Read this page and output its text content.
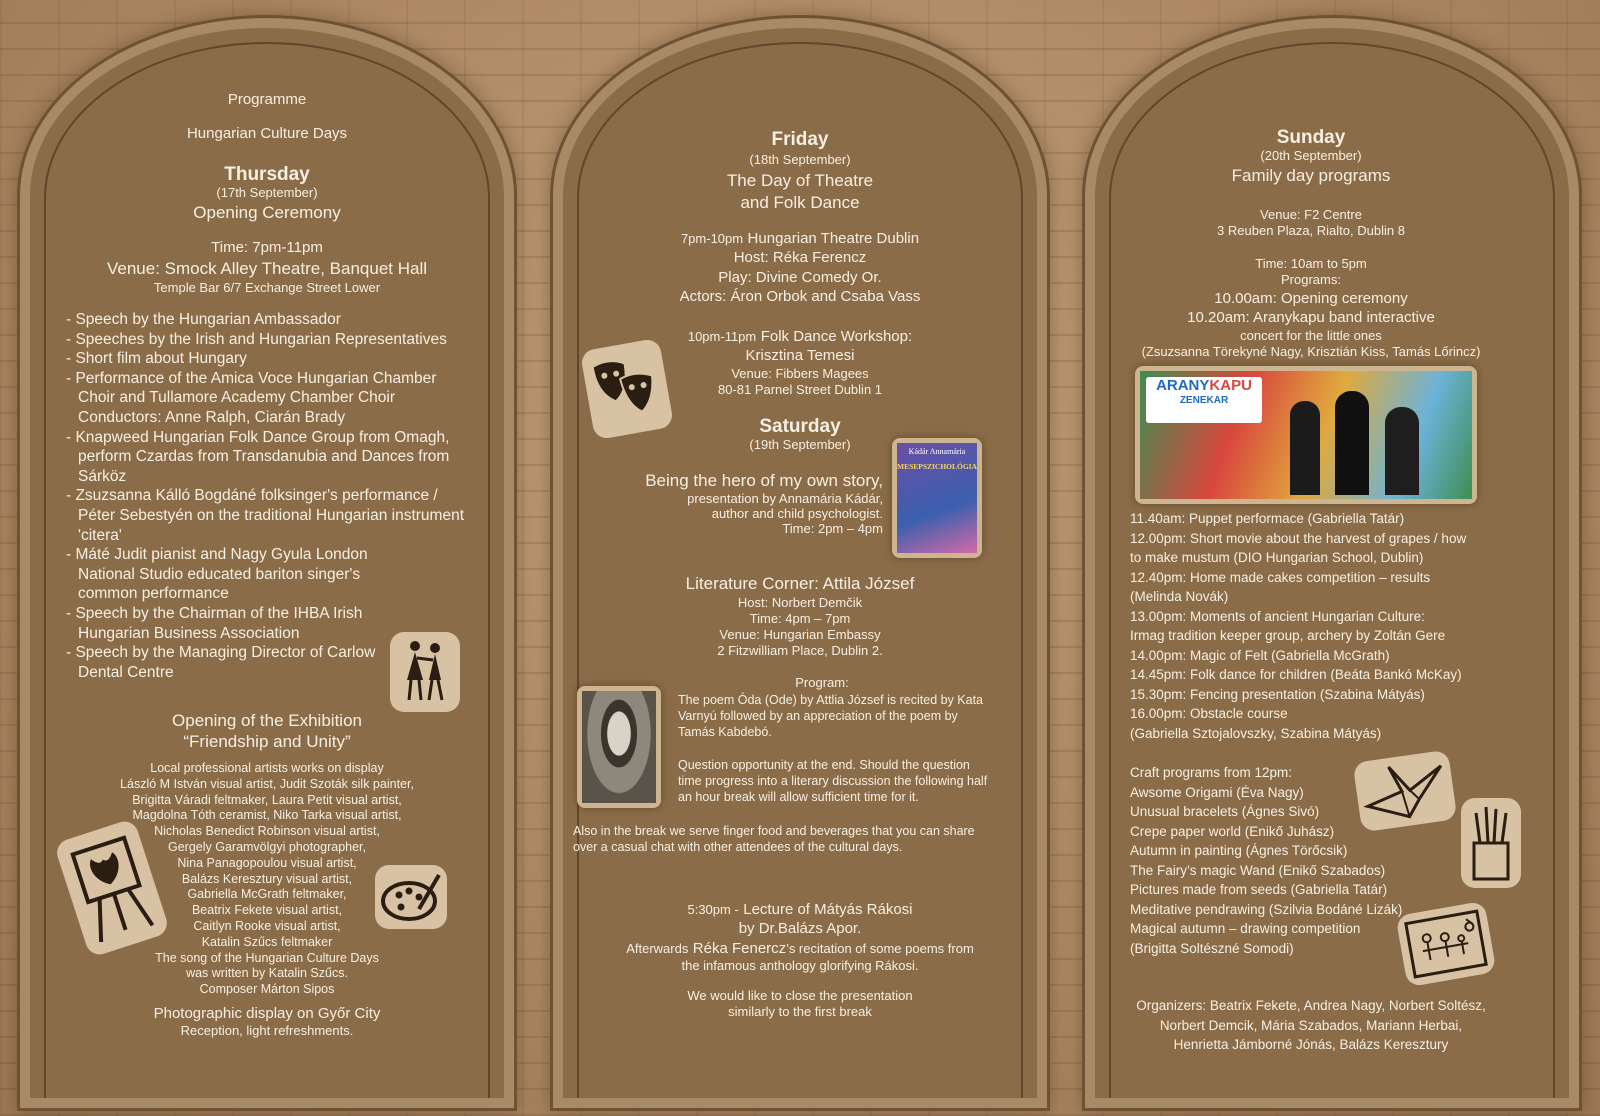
Programme
Hungarian Culture Days
Thursday
(17th September)
Opening Ceremony
Time: 7pm-11pm
Venue: Smock Alley Theatre, Banquet Hall
Temple Bar 6/7 Exchange Street Lower
- Speech by the Hungarian Ambassador
- Speeches by the Irish and Hungarian Representatives
- Short film about Hungary
- Performance of the Amica Voce Hungarian Chamber Choir and Tullamore Academy Chamber Choir Conductors: Anne Ralph, Ciarán Brady
- Knapweed Hungarian Folk Dance Group from Omagh, perform Czardas from Transdanubia and Dances from Sárköz
- Zsuzsanna Kálló Bogdáné folksinger's performance / Péter Sebestyén on the traditional Hungarian instrument 'citera'
- Máté Judit pianist and Nagy Gyula London National Studio educated bariton singer's common performance
- Speech by the Chairman of the IHBA Irish Hungarian Business Association
- Speech by the Managing Director of Carlow Dental Centre
Opening of the Exhibition
“Friendship and Unity”
Local professional artists works on display
László M István visual artist, Judit Szoták silk painter,
Brigitta Váradi feltmaker, Laura Petit visual artist,
Magdolna Tóth ceramist, Niko Tarka visual artist,
Nicholas Benedict Robinson visual artist,
Gergely Garamvölgyi photographer,
Nina Panagopoulou visual artist,
Balázs Kereszturу visual artist,
Gabriella McGrath feltmaker,
Beatrix Fekete visual artist,
Caitlyn Rooke visual artist,
Katalin Szűcs feltmaker
The song of the Hungarian Culture Days
was written by Katalin Szűcs.
Composer Márton Sipos
Photographic display on Győr City
Reception, light refreshments.
Friday
(18th September)
The Day of Theatre
and Folk Dance
7pm-10pm Hungarian Theatre Dublin
Host: Réka Ferencz
Play: Divine Comedy Or.
Actors: Áron Orbok and Csaba Vass
10pm-11pm Folk Dance Workshop:
Krisztina Temesi
Venue: Fibbers Magees
80-81 Parnel Street Dublin 1
Saturday
(19th September)
Being the hero of my own story,
presentation by Annamária Kádár,
author and child psychologist.
Time: 2pm – 4pm
Kádár Annamária
MESEPSZICHOLÓGIA
Literature Corner: Attila József
Host: Norbert Demčik
Time: 4pm – 7pm
Venue: Hungarian Embassy
2 Fitzwilliam Place, Dublin 2.
Program:
The poem Óda (Ode) by Attlia József is recited by Kata Varnyú followed by an appreciation of the poem by Tamás Kabdebó.
Question opportunity at the end. Should the question time progress into a literary discussion the following half an hour break will allow sufficient time for it.
Also in the break we serve finger food and beverages that you can share over a casual chat with other attendees of the cultural days.
5:30pm - Lecture of Mátyás Rákosi
by Dr.Balázs Apor.
Afterwards Réka Fenercz’s recitation of some poems from
the infamous anthology glorifying Rákosi.
We would like to close the presentation
similarly to the first break
Sunday
(20th September)
Family day programs
Venue: F2 Centre
3 Reuben Plaza, Rialto, Dublin 8
Time: 10am to 5pm
Programs:
10.00am: Opening ceremony
10.20am: Aranykapu band interactive
concert for the little ones
(Zsuzsanna Törekyné Nagy, Krisztián Kiss, Tamás Lőrincz)
ARANYKAPU
ZENEKAR
11.40am: Puppet performace (Gabriella Tatár)
12.00pm: Short movie about the harvest of grapes / how
to make mustum (DIO Hungarian School, Dublin)
12.40pm: Home made cakes competition – results
(Melinda Novák)
13.00pm: Moments of ancient Hungarian Culture:
Irmag tradition keeper group, archery by Zoltán Gere
14.00pm: Magic of Felt (Gabriella McGrath)
14.45pm: Folk dance for children (Beáta Bankó McKay)
15.30pm: Fencing presentation (Szabina Mátyás)
16.00pm: Obstacle course
(Gabriella Sztojalovszky, Szabina Mátyás)
Craft programs from 12pm:
Awsome Origami (Éva Nagy)
Unusual bracelets (Ágnes Sivó)
Crepe paper world (Enikő Juhász)
Autumn in painting (Ágnes Törőcsik)
The Fairy’s magic Wand (Enikő Szabados)
Pictures made from seeds (Gabriella Tatár)
Meditative pendrawing (Szilvia Bodáné Lizák)
Magical autumn – drawing competition
(Brigitta Soltészné Somodi)
Organizers: Beatrix Fekete, Andrea Nagy, Norbert Soltész,
Norbert Demcik, Mária Szabados, Mariann Herbai,
Henrietta Jámborné Jónás, Balázs Keresztury
